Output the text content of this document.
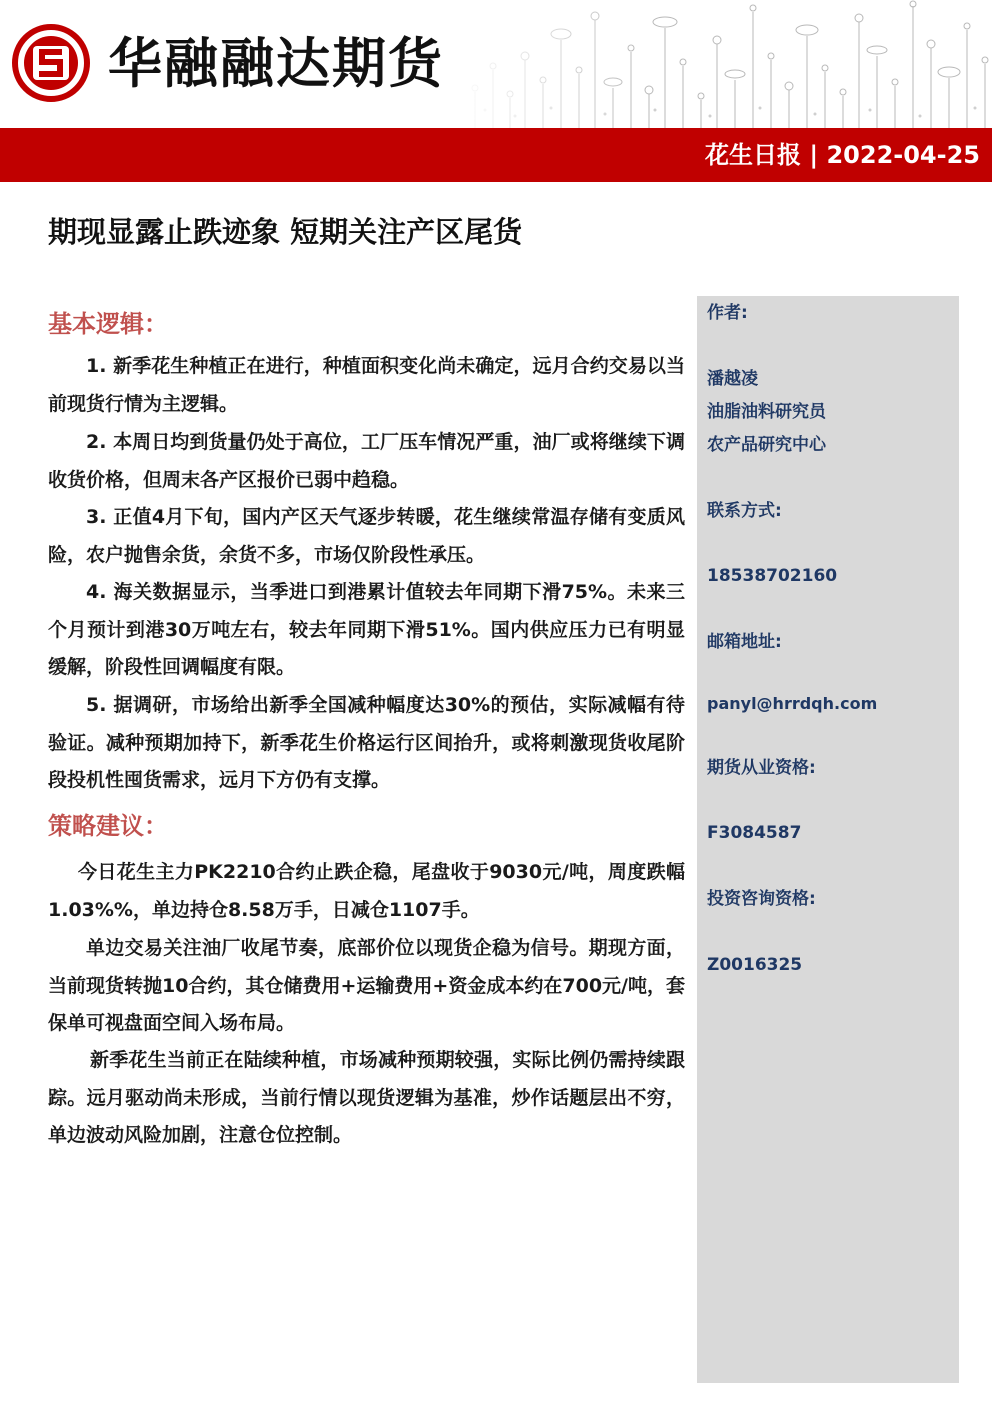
华融融达期货
花生日报 | 2022-04-25
期现显露止跌迹象 短期关注产区尾货
基本逻辑：
1. 新季花生种植正在进行，种植面积变化尚未确定，远月合约交易以当前现货行情为主逻辑。
2. 本周日均到货量仍处于高位，工厂压车情况严重，油厂或将继续下调收货价格，但周末各产区报价已弱中趋稳。
3. 正值4月下旬，国内产区天气逐步转暖，花生继续常温存储有变质风险，农户抛售余货，余货不多，市场仅阶段性承压。
4. 海关数据显示，当季进口到港累计值较去年同期下滑75%。未来三个月预计到港30万吨左右，较去年同期下滑51%。国内供应压力已有明显缓解，阶段性回调幅度有限。
5. 据调研，市场给出新季全国减种幅度达30%的预估，实际减幅有待验证。减种预期加持下，新季花生价格运行区间抬升，或将刺激现货收尾阶段投机性囤货需求，远月下方仍有支撑。
策略建议：
今日花生主力PK2210合约止跌企稳，尾盘收于9030元/吨，周度跌幅1.03%%，单边持仓8.58万手，日减仓1107手。
单边交易关注油厂收尾节奏，底部价位以现货企稳为信号。期现方面，当前现货转抛10合约，其仓储费用+运输费用+资金成本约在700元/吨，套保单可视盘面空间入场布局。
新季花生当前正在陆续种植，市场减种预期较强，实际比例仍需持续跟踪。远月驱动尚未形成，当前行情以现货逻辑为基准，炒作话题层出不穷，单边波动风险加剧，注意仓位控制。
作者:
潘越凌
油脂油料研究员
农产品研究中心
联系方式:
18538702160
邮箱地址:
panyl@hrrdqh.com
期货从业资格:
F3084587
投资咨询资格:
Z0016325
